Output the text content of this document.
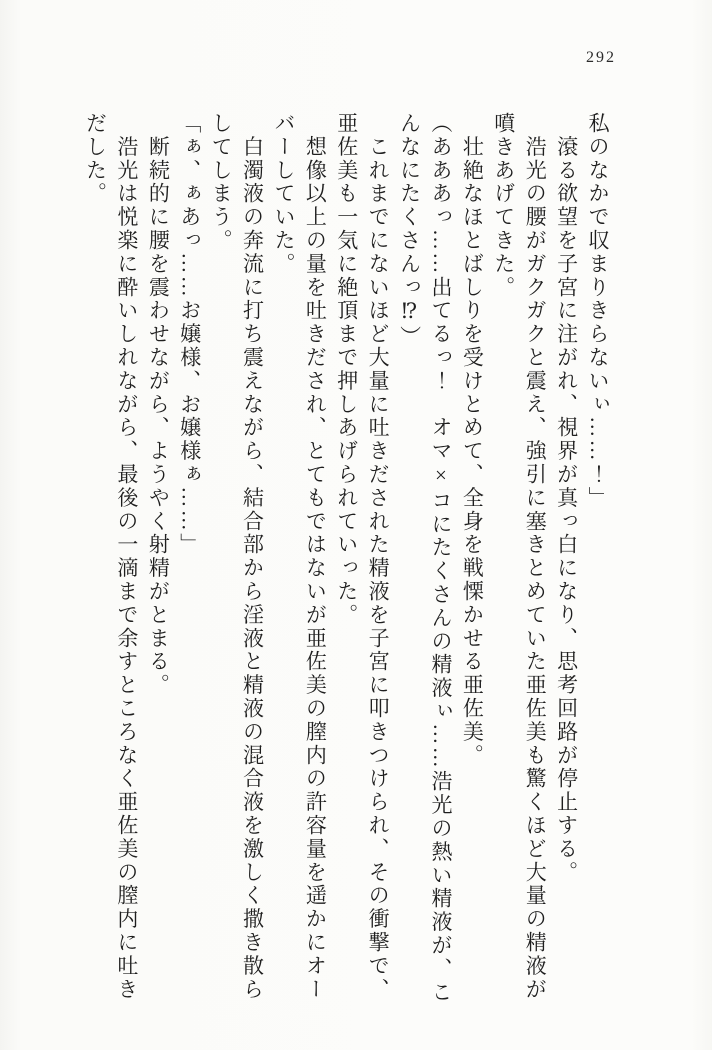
292

私のなかで収まりきらないぃ……！」

　滾る欲望を子宮に注がれ、視界が真っ白になり、思考回路が停止する。

　浩光の腰がガクガクと震え、強引に塞きとめていた亜佐美も驚くほど大量の精液が

噴きあげてきた。

　壮絶なほとばしりを受けとめて、全身を戦慄かせる亜佐美。

（あああっ……出てるっ！　オマ×コにたくさんの精液ぃ……浩光の熱い精液が、こ

んなにたくさんっ⁉）

　これまでにないほど大量に吐きだされた精液を子宮に叩きつけられ、その衝撃で、

亜佐美も一気に絶頂まで押しあげられていった。

　想像以上の量を吐きだされ、とてもではないが亜佐美の膣内の許容量を遥かにオー

バーしていた。

　白濁液の奔流に打ち震えながら、結合部から淫液と精液の混合液を激しく撒き散ら

してしまう。

「ぁ、ぁあっ……お嬢様、お嬢様ぁ……」

　断続的に腰を震わせながら、ようやく射精がとまる。

　浩光は悦楽に酔いしれながら、最後の一滴まで余すところなく亜佐美の膣内に吐き

だした。
